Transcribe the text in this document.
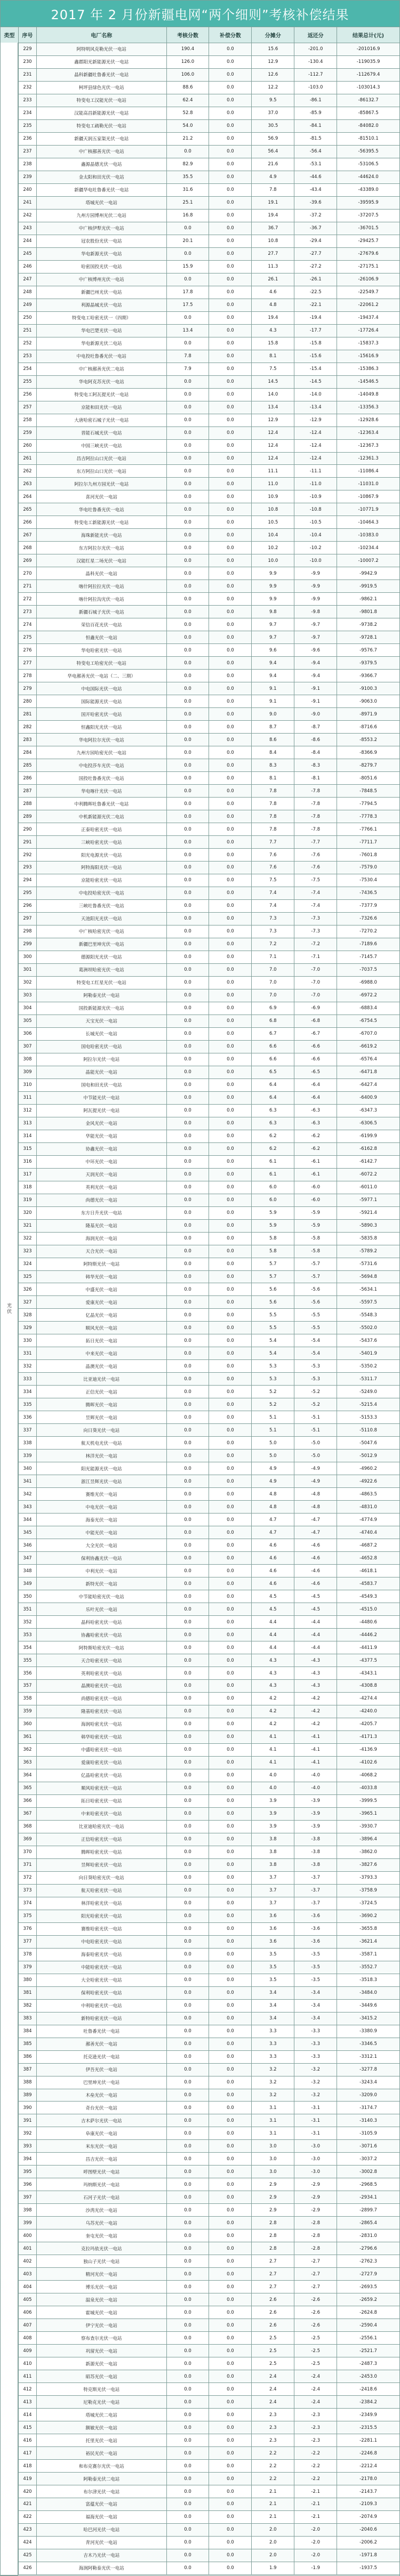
2017 年 2 月份新疆电网“两个细则”考核补偿结果
类型	序号	电厂名称	考核分数	补偿分数	分摊分	返还分	结果总计 (元)
229	阿特明风克勒光伏一电站	190.4	0.0	15.6	-201.0	-201016.9
230	鑫郡阳光新能源光伏一电站	126.0	0.0	12.9	-130.4	-119035.9
231	晶科新疆吐鲁番光伏一电站	106.0	0.0	12.6	-112.7	-112679.4
232	柯坪县绿色光伏一电站	88.6	0.0	12.2	-103.0	-103014.3
233	特变电工汉能光伏一电站	62.4	0.0	9.5	-86.1	-86132.7
234	汉能高昌新能源光伏一电站	52.8	0.0	37.0	-85.9	-85867.5
235	特变电工疏勒光伏一电站	54.0	0.0	30.5	-84.1	-84082.0
236	新疆天润五家渠光伏一电站	21.2	0.0	56.9	-81.5	-81510.1
237	中广核鄯善光伏一电站	0.0	0.0	56.4	-56.4	-56395.5
238	鑫源晶德光伏一电站	82.9	0.0	21.6	-53.1	-53106.5
239	金太阳和田光伏一电站	35.5	0.0	4.9	-44.6	-44624.0
240	新疆华电吐鲁番光伏一电站	31.6	0.0	7.8	-43.4	-43389.0
241	塔城光伏一电站	25.1	0.0	19.1	-39.6	-39595.9
242	九州方园博州光伏二电站	16.8	0.0	19.4	-37.2	-37207.5
243	中广核伊犁光伏一电站	0.0	0.0	36.7	-36.7	-36701.5
244	冠农股份光伏一电站	20.1	0.0	10.8	-29.4	-29425.7
245	华电新源光伏一电站	0.0	0.0	27.7	-27.7	-27679.6
246	哈密国投光伏一电站	15.9	0.0	11.3	-27.2	-27175.1
247	中广核博州光伏一电站	0.0	0.0	26.1	-26.1	-26106.9
248	新疆巴州光伏一电站	17.8	0.0	4.6	-22.5	-22549.7
249	利源晶城光伏一电站	17.5	0.0	4.8	-22.1	-22061.2
250	特变电工哈密光伏一（四期）	0.0	0.0	19.4	-19.4	-19437.4
251	华电巴楚光伏一电站	13.4	0.0	4.3	-17.7	-17726.4
252	华电新源光伏二电站	0.0	0.0	15.8	-15.8	-15837.3
253	中电投吐鲁番光伏一电站	7.8	0.0	8.1	-15.6	-15616.9
254	中广核鄯善光伏二电站	7.9	0.0	7.5	-15.4	-15386.3
255	华电阿克苏光伏一电站	0.0	0.0	14.5	-14.5	-14546.5
256	特变电工阿瓦提光伏一电站	0.0	0.0	14.0	-14.0	-14049.8
257	京能和田光伏一电站	0.0	0.0	13.4	-13.4	-13356.3
258	大唐哈密石城子光伏一电站	0.0	0.0	12.9	-12.9	-12928.6
259	晋能石城光伏一电站	0.0	0.0	12.4	-12.4	-12363.4
260	中国三峡光伏一电站	0.0	0.0	12.4	-12.4	-12367.3
261	昌吉阿拉山口光伏一电站	0.0	0.0	12.4	-12.4	-12361.3
262	东方阿拉山口光伏一电站	0.0	0.0	11.1	-11.1	-11086.4
263	阿拉尔九州方园光伏一电站	0.0	0.0	11.0	-11.0	-11031.0
264	喜河光伏一电站	0.0	0.0	10.9	-10.9	-10867.9
265	华电吐鲁番光伏一电站	0.0	0.0	10.8	-10.8	-10771.9
266	特变电工新能源光伏一电站	0.0	0.0	10.5	-10.5	-10464.3
267	海珠新能光伏一电站	0.0	0.0	10.4	-10.4	-10383.0
268	东方阿拉尔光伏一电站	0.0	0.0	10.2	-10.2	-10234.4
269	汉能红星二场光伏一电站	0.0	0.0	10.0	-10.0	-10007.2
270	晶科光伏一电站	0.0	0.0	9.9	-9.9	-9942.9
271	喀什阿拉拉光伏一电站	0.0	0.0	9.9	-9.9	-9919.5
272	喀什阿拉沟光伏一电站	0.0	0.0	9.9	-9.9	-9862.1
273	新疆石城子光伏一电站	0.0	0.0	9.8	-9.8	-9801.8
274	荣信百花光伏一电站	0.0	0.0	9.7	-9.7	-9738.2
275	恒鑫光伏一电站	0.0	0.0	9.7	-9.7	-9728.1
276	华电哈密光伏一电站	0.0	0.0	9.6	-9.6	-9576.7
277	特变电工哈密光伏一电站	0.0	0.0	9.4	-9.4	-9379.5
278	华电鄯善光伏一电站（二、三期）	0.0	0.0	9.4	-9.4	-9366.7
279	中电国际光伏一电站	0.0	0.0	9.1	-9.1	-9100.3
280	国际能源光伏一电站	0.0	0.0	9.1	-9.1	-9063.0
281	国开哈密光伏一电站	0.0	0.0	9.0	-9.0	-8971.9
282	恒鑫阳光光伏一电站	0.0	0.0	8.7	-8.7	-8716.6
283	华电阿拉尔光伏一电站	0.0	0.0	8.6	-8.6	-8553.2
284	九州方园哈密光伏一电站	0.0	0.0	8.4	-8.4	-8366.9
285	中电投莎车光伏一电站	0.0	0.0	8.3	-8.3	-8279.7
286	国投吐鲁番光伏一电站	0.0	0.0	8.1	-8.1	-8051.6
287	华电喀什光伏一电站	0.0	0.0	7.8	-7.8	-7848.5
288	中利腾晖吐鲁番光伏一电站	0.0	0.0	7.8	-7.8	-7794.5
289	中机新能源光伏二电站	0.0	0.0	7.8	-7.8	-7778.3
290	正泰哈密光伏一电站	0.0	0.0	7.8	-7.8	-7766.1
291	三峡哈密光伏一电站	0.0	0.0	7.7	-7.7	-7711.7
292	阳光电源光伏一电站	0.0	0.0	7.6	-7.6	-7601.8
293	阿特海阳光伏一电站	0.0	0.0	7.6	-7.6	-7579.0
294	京能哈密光伏一电站	0.0	0.0	7.5	-7.5	-7530.4
295	中电投哈密光伏一电站	0.0	0.0	7.4	-7.4	-7436.5
296	三峡吐鲁番光伏一电站	0.0	0.0	7.4	-7.4	-7377.9
297	天池阳光光伏一电站	0.0	0.0	7.3	-7.3	-7326.6
298	中广核哈密光伏一电站	0.0	0.0	7.3	-7.3	-7270.2
299	新疆巴里坤光伏一电站	0.0	0.0	7.2	-7.2	-7189.6
300	德源阳光光伏一电站	0.0	0.0	7.1	-7.1	-7145.7
301	葛洲坝哈密光伏一电站	0.0	0.0	7.0	-7.0	-7037.5
302	特变电工红星光伏一电站	0.0	0.0	7.0	-7.0	-6988.0
303	阿勒泰光伏一电站	0.0	0.0	7.0	-7.0	-6972.2
304	国投新能源光伏一电站	0.0	0.0	6.9	-6.9	-6883.4
305	天宝光伏一电站	0.0	0.0	6.8	-6.8	-6754.5
306	长城光伏一电站	0.0	0.0	6.7	-6.7	-6707.0
307	国电哈密光伏一电站	0.0	0.0	6.6	-6.6	-6619.2
308	阿拉尔光伏一电站	0.0	0.0	6.6	-6.6	-6576.4
309	晶能光伏一电站	0.0	0.0	6.5	-6.5	-6471.8
310	国电和田光伏一电站	0.0	0.0	6.4	-6.4	-6427.4
311	中节能光伏一电站	0.0	0.0	6.4	-6.4	-6400.9
312	阿瓦提光伏一电站	0.0	0.0	6.3	-6.3	-6347.3
313	金风光伏一电站	0.0	0.0	6.3	-6.3	-6306.5
314	华能光伏一电站	0.0	0.0	6.2	-6.2	-6199.9
315	协鑫光伏一电站	0.0	0.0	6.2	-6.2	-6162.8
316	中环光伏一电站	0.0	0.0	6.1	-6.1	-6142.7
317	天润光伏一电站	0.0	0.0	6.1	-6.1	-6072.2
318	英利光伏一电站	0.0	0.0	6.0	-6.0	-6011.0
319	尚德光伏一电站	0.0	0.0	6.0	-6.0	-5977.1
320	东方日升光伏一电站	0.0	0.0	5.9	-5.9	-5921.4
321	隆基光伏一电站	0.0	0.0	5.9	-5.9	-5890.3
322	海润光伏一电站	0.0	0.0	5.8	-5.8	-5835.8
323	天合光伏一电站	0.0	0.0	5.8	-5.8	-5789.2
324	阿特斯光伏一电站	0.0	0.0	5.7	-5.7	-5731.6
325	韩华光伏一电站	0.0	0.0	5.7	-5.7	-5694.8
326	中盛光伏一电站	0.0	0.0	5.6	-5.6	-5634.1
327	爱康光伏一电站	0.0	0.0	5.6	-5.6	-5597.5
328	亿晶光伏一电站	0.0	0.0	5.5	-5.5	-5548.3
329	顺风光伏一电站	0.0	0.0	5.5	-5.5	-5502.0
330	拓日光伏一电站	0.0	0.0	5.4	-5.4	-5437.6
331	中来光伏一电站	0.0	0.0	5.4	-5.4	-5401.9
332	晶澳光伏一电站	0.0	0.0	5.3	-5.3	-5350.2
333	比亚迪光伏一电站	0.0	0.0	5.3	-5.3	-5311.7
334	正信光伏一电站	0.0	0.0	5.2	-5.2	-5249.0
335	腾晖光伏一电站	0.0	0.0	5.2	-5.2	-5215.4
336	昱辉光伏一电站	0.0	0.0	5.1	-5.1	-5153.3
337	向日葵光伏一电站	0.0	0.0	5.1	-5.1	-5110.8
338	航天机电光伏一电站	0.0	0.0	5.0	-5.0	-5047.6
339	林洋光伏一电站	0.0	0.0	5.0	-5.0	-5012.9
340	阳光能源光伏一电站	0.0	0.0	4.9	-4.9	-4960.2
341	浙江昱辉光伏一电站	0.0	0.0	4.9	-4.9	-4922.6
342	赛维光伏一电站	0.0	0.0	4.8	-4.8	-4863.5
343	中电光伏一电站	0.0	0.0	4.8	-4.8	-4831.0
344	海泰光伏一电站	0.0	0.0	4.7	-4.7	-4774.9
345	中能光伏一电站	0.0	0.0	4.7	-4.7	-4740.4
346	大全光伏一电站	0.0	0.0	4.6	-4.6	-4687.2
347	保利协鑫光伏一电站	0.0	0.0	4.6	-4.6	-4652.8
348	中利光伏一电站	0.0	0.0	4.6	-4.6	-4618.1
349	新特光伏一电站	0.0	0.0	4.6	-4.6	-4583.7
350	中节能哈密光伏一电站	0.0	0.0	4.5	-4.5	-4549.3
351	乐叶光伏一电站	0.0	0.0	4.5	-4.5	-4515.0
352	晶科哈密光伏一电站	0.0	0.0	4.4	-4.4	-4480.6
353	协鑫哈密光伏一电站	0.0	0.0	4.4	-4.4	-4446.2
354	阿特斯哈密光伏一电站	0.0	0.0	4.4	-4.4	-4411.9
355	天合哈密光伏一电站	0.0	0.0	4.3	-4.3	-4377.5
356	英利哈密光伏一电站	0.0	0.0	4.3	-4.3	-4343.1
357	晶澳哈密光伏一电站	0.0	0.0	4.3	-4.3	-4308.8
358	尚德哈密光伏一电站	0.0	0.0	4.2	-4.2	-4274.4
359	隆基哈密光伏一电站	0.0	0.0	4.2	-4.2	-4240.0
360	海润哈密光伏一电站	0.0	0.0	4.2	-4.2	-4205.7
361	韩华哈密光伏一电站	0.0	0.0	4.1	-4.1	-4171.3
362	中盛哈密光伏一电站	0.0	0.0	4.1	-4.1	-4136.9
363	爱康哈密光伏一电站	0.0	0.0	4.1	-4.1	-4102.6
364	亿晶哈密光伏一电站	0.0	0.0	4.0	-4.0	-4068.2
365	顺风哈密光伏一电站	0.0	0.0	4.0	-4.0	-4033.8
366	拓日哈密光伏一电站	0.0	0.0	3.9	-3.9	-3999.5
367	中来哈密光伏一电站	0.0	0.0	3.9	-3.9	-3965.1
368	比亚迪哈密光伏一电站	0.0	0.0	3.9	-3.9	-3930.7
369	正信哈密光伏一电站	0.0	0.0	3.8	-3.8	-3896.4
370	腾晖哈密光伏一电站	0.0	0.0	3.8	-3.8	-3862.0
371	昱辉哈密光伏一电站	0.0	0.0	3.8	-3.8	-3827.6
372	向日葵哈密光伏一电站	0.0	0.0	3.7	-3.7	-3793.3
373	航天哈密光伏一电站	0.0	0.0	3.7	-3.7	-3758.9
374	林洋哈密光伏一电站	0.0	0.0	3.7	-3.7	-3724.5
375	阳光哈密光伏一电站	0.0	0.0	3.6	-3.6	-3690.2
376	赛维哈密光伏一电站	0.0	0.0	3.6	-3.6	-3655.8
377	中电哈密光伏一电站	0.0	0.0	3.6	-3.6	-3621.4
378	海泰哈密光伏一电站	0.0	0.0	3.5	-3.5	-3587.1
379	中能哈密光伏一电站	0.0	0.0	3.5	-3.5	-3552.7
380	大全哈密光伏一电站	0.0	0.0	3.5	-3.5	-3518.3
381	保利哈密光伏一电站	0.0	0.0	3.4	-3.4	-3484.0
382	中利哈密光伏一电站	0.0	0.0	3.4	-3.4	-3449.6
383	新特哈密光伏一电站	0.0	0.0	3.4	-3.4	-3415.2
384	吐鲁番光伏一电站	0.0	0.0	3.3	-3.3	-3380.9
385	鄯善光伏一电站	0.0	0.0	3.3	-3.3	-3346.5
386	托克逊光伏一电站	0.0	0.0	3.3	-3.3	-3312.1
387	伊吾光伏一电站	0.0	0.0	3.2	-3.2	-3277.8
388	巴里坤光伏一电站	0.0	0.0	3.2	-3.2	-3243.4
389	木垒光伏一电站	0.0	0.0	3.2	-3.2	-3209.0
390	奇台光伏一电站	0.0	0.0	3.1	-3.1	-3174.7
391	吉木萨尔光伏一电站	0.0	0.0	3.1	-3.1	-3140.3
392	阜康光伏一电站	0.0	0.0	3.1	-3.1	-3105.9
393	米东光伏一电站	0.0	0.0	3.0	-3.0	-3071.6
394	昌吉光伏一电站	0.0	0.0	3.0	-3.0	-3037.2
395	呼图壁光伏一电站	0.0	0.0	3.0	-3.0	-3002.8
396	玛纳斯光伏一电站	0.0	0.0	2.9	-2.9	-2968.5
397	石河子光伏一电站	0.0	0.0	2.9	-2.9	-2934.1
398	沙湾光伏一电站	0.0	0.0	2.9	-2.9	-2899.7
399	乌苏光伏一电站	0.0	0.0	2.8	-2.8	-2865.4
400	奎屯光伏一电站	0.0	0.0	2.8	-2.8	-2831.0
401	克拉玛依光伏一电站	0.0	0.0	2.8	-2.8	-2796.6
402	独山子光伏一电站	0.0	0.0	2.7	-2.7	-2762.3
403	精河光伏一电站	0.0	0.0	2.7	-2.7	-2727.9
404	博乐光伏一电站	0.0	0.0	2.7	-2.7	-2693.5
405	温泉光伏一电站	0.0	0.0	2.6	-2.6	-2659.2
406	霍城光伏一电站	0.0	0.0	2.6	-2.6	-2624.8
407	伊宁光伏一电站	0.0	0.0	2.6	-2.6	-2590.4
408	察布查尔光伏一电站	0.0	0.0	2.5	-2.5	-2556.1
409	巩留光伏一电站	0.0	0.0	2.5	-2.5	-2521.7
410	新源光伏一电站	0.0	0.0	2.5	-2.5	-2487.3
411	昭苏光伏一电站	0.0	0.0	2.4	-2.4	-2453.0
412	特克斯光伏一电站	0.0	0.0	2.4	-2.4	-2418.6
413	尼勒克光伏一电站	0.0	0.0	2.4	-2.4	-2384.2
414	塔城光伏二电站	0.0	0.0	2.3	-2.3	-2349.9
415	额敏光伏一电站	0.0	0.0	2.3	-2.3	-2315.5
416	托里光伏一电站	0.0	0.0	2.3	-2.3	-2281.1
417	裕民光伏一电站	0.0	0.0	2.2	-2.2	-2246.8
418	和布克赛尔光伏一电站	0.0	0.0	2.2	-2.2	-2212.4
419	阿勒泰光伏二电站	0.0	0.0	2.2	-2.2	-2178.0
420	布尔津光伏一电站	0.0	0.0	2.1	-2.1	-2143.7
421	富蕴光伏一电站	0.0	0.0	2.1	-2.1	-2109.3
422	福海光伏一电站	0.0	0.0	2.1	-2.1	-2074.9
423	哈巴河光伏一电站	0.0	0.0	2.0	-2.0	-2040.6
424	青河光伏一电站	0.0	0.0	2.0	-2.0	-2006.2
425	吉木乃光伏一电站	0.0	0.0	2.0	-2.0	-1971.8
426	海润阿勒泰光伏一电站	0.0	0.0	1.9	-1.9	-1937.5
光伏
